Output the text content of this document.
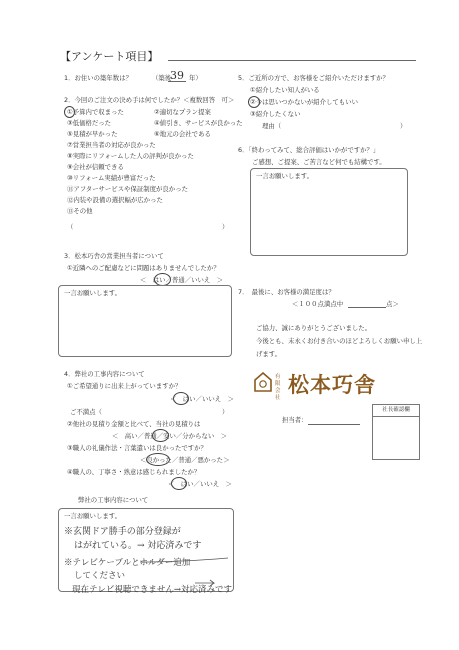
【アンケート項目】
1．お住いの築年数は？	（築後
39 年）
2．今回のご注文の決め手は何でしたか？＜複数回答　可＞
①予算内で収まった	②適切なプラン提案
③低価格だった	④値引き、サービスが良かった
⑤見積が早かった	⑥地元の会社である
⑦営業担当者の対応が良かった
⑧実際にリフォームした人の評判が良かった
⑨会社が信頼できる
⑩リフォーム実績が豊富だった
⑪アフターサービスや保証制度が良かった
⑫内装や設備の選択幅が広かった
⑬その他
（	）
3．松本巧舎の営業担当者について
①近隣へのご配慮などに問題はありませんでしたか？
＜　はい／普通／いいえ　＞
一言お願いします。
4．弊社の工事内容について
①ご希望通りに出来上がっていますか？
＜　はい／いいえ　＞
ご不満点（	）
②他社の見積り金額と比べて、当社の見積りは
＜　高い／普通／安い／分からない　＞
③職人の礼儀作法・言葉遣いは良かったですか？
＜良かった／普通／悪かった＞
④職人の、丁寧さ・熟意は感じられましたか？
＜　はい／いいえ　＞
弊社の工事内容について
一言お願いします。
※玄関ドア勝手の部分登録が
はがれている。→ 対応済みです
※テレビケーブルとホルダー追加
してください
現在テレビ視聴できません→対応済みです
5．ご近所の方で、お客様をご紹介いただけますか？
①紹介したい知人がいる
②今は思いつかないが紹介してもいい
③紹介したくない
理由（	）
6．「終わってみて、総合評価はいかがですか？」
ご感想、ご提案、ご苦言など何でも結構です。
一言お願いします。
7．　最後に、お客様の満足度は？
＜１００点満点中	点＞
ご協力、誠にありがとうございました。
今後とも、末永くお付き合いのほどよろしくお願い申し上
げます。
有限会社
松本巧舎
担当者：
社長確認欄
